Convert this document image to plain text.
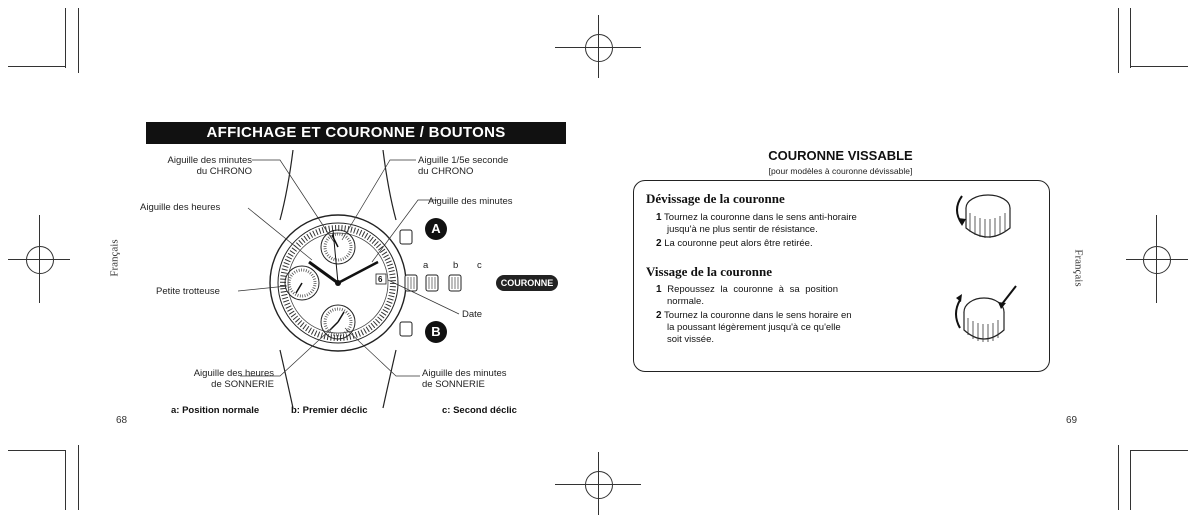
Français	Français
AFFICHAGE ET COURONNE / BOUTONS
6
A
B
a	b c
COURONNE
Aiguille des minutes
du CHRONO
Aiguille 1/5e seconde
du CHRONO
Aiguille des heures
Aiguille des minutes
Petite trotteuse
Date
Aiguille des heures
de SONNERIE
Aiguille des minutes
de SONNERIE
a: Position normale	b: Premier déclic	c: Second déclic
68
COURONNE VISSABLE
[pour modèles à couronne dévissable]
Dévissage de la couronne
1 Tournez la couronne dans le sens anti-horaire
jusqu'à ne plus sentir de résistance.
2 La couronne peut alors être retirée.
Vissage de la couronne
1 Repoussez la couronne à sa position
normale.
2 Tournez la couronne dans le sens horaire en
la poussant légèrement jusqu'à ce qu'elle
soit vissée.
69
